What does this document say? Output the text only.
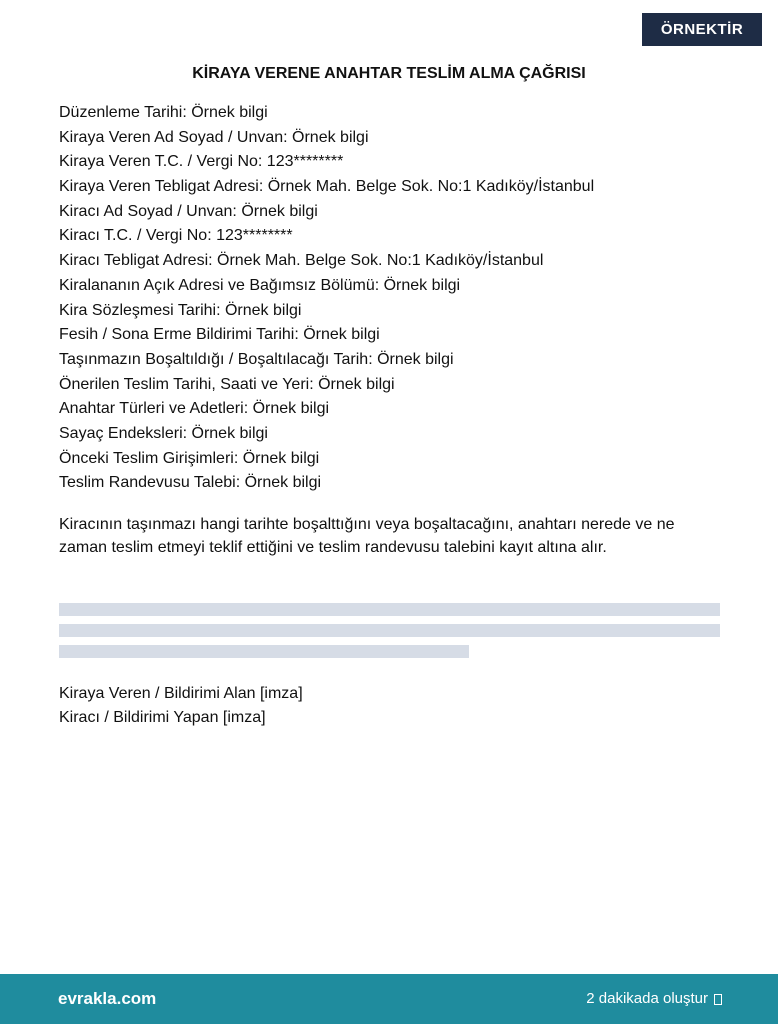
ÖRNEKTİR
KİRAYA VERENE ANAHTAR TESLİM ALMA ÇAĞRISI
Düzenleme Tarihi: Örnek bilgi
Kiraya Veren Ad Soyad / Unvan: Örnek bilgi
Kiraya Veren T.C. / Vergi No: 123********
Kiraya Veren Tebligat Adresi: Örnek Mah. Belge Sok. No:1 Kadıköy/İstanbul
Kiracı Ad Soyad / Unvan: Örnek bilgi
Kiracı T.C. / Vergi No: 123********
Kiracı Tebligat Adresi: Örnek Mah. Belge Sok. No:1 Kadıköy/İstanbul
Kiralananın Açık Adresi ve Bağımsız Bölümü: Örnek bilgi
Kira Sözleşmesi Tarihi: Örnek bilgi
Fesih / Sona Erme Bildirimi Tarihi: Örnek bilgi
Taşınmazın Boşaltıldığı / Boşaltılacağı Tarih: Örnek bilgi
Önerilen Teslim Tarihi, Saati ve Yeri: Örnek bilgi
Anahtar Türleri ve Adetleri: Örnek bilgi
Sayaç Endeksleri: Örnek bilgi
Önceki Teslim Girişimleri: Örnek bilgi
Teslim Randevusu Talebi: Örnek bilgi

Kiracının taşınmazı hangi tarihte boşalttığını veya boşaltacağını, anahtarı nerede ve ne zaman teslim etmeyi teklif ettiğini ve teslim randevusu talebini kayıt altına alır.

Kiraya Veren / Bildirimi Alan [imza]
Kiracı / Bildirimi Yapan [imza]
evrakla.com	2 dakikada oluştur
